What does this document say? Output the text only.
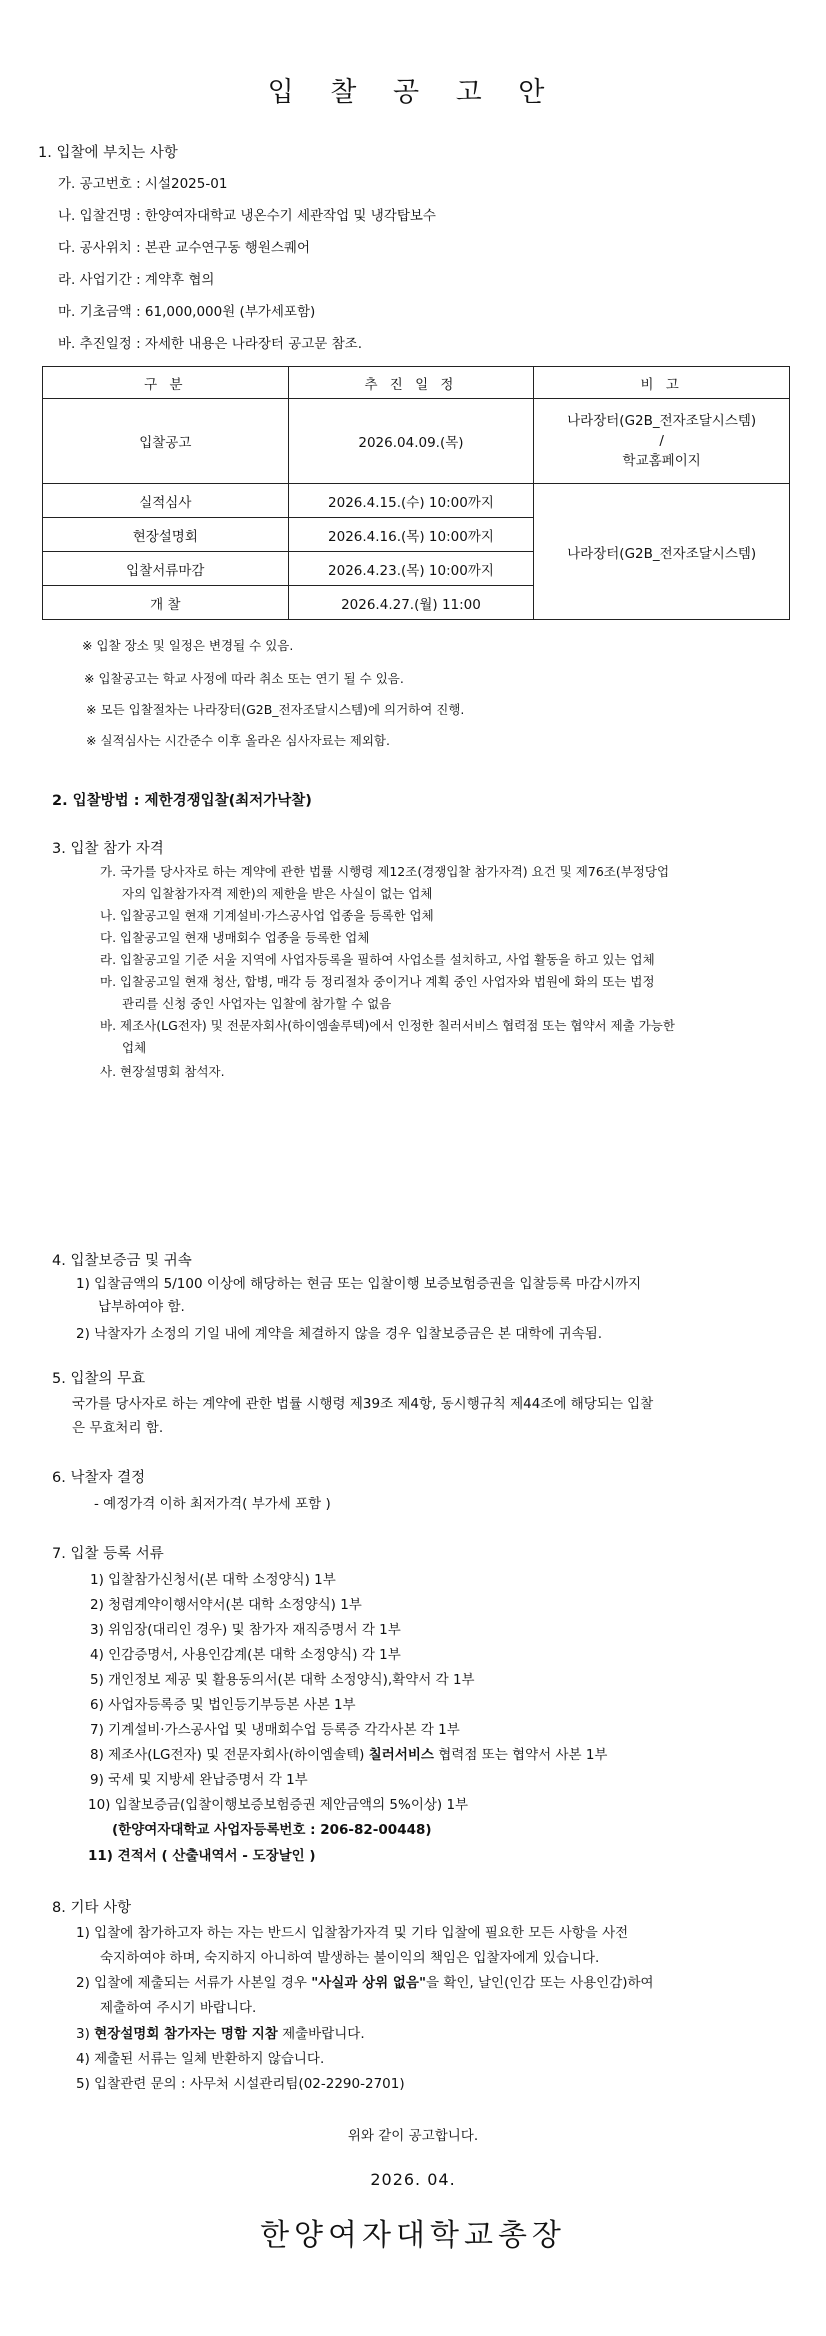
입 찰 공 고 안
1. 입찰에 부치는 사항
가. 공고번호 : 시설2025-01
나. 입찰건명 : 한양여자대학교 냉온수기 세관작업 및 냉각탑보수
다. 공사위치 : 본관 교수연구동 행원스퀘어
라. 사업기간 : 계약후 협의
마. 기초금액 : 61,000,000원 (부가세포함)
바. 추진일정 : 자세한 내용은 나라장터 공고문 참조.
구 분	추 진 일 정	비 고
입찰공고	2026.04.09.(목)	나라장터(G2B_전자조달시스템)
/
학교홈페이지

실적심사	2026.4.15.(수) 10:00까지	나라장터(G2B_전자조달시스템)
현장설명회	2026.4.16.(목) 10:00까지	
입찰서류마감	2026.4.23.(목) 10:00까지	
개 찰	2026.4.27.(월) 11:00	
※ 입찰 장소 및 일정은 변경될 수 있음.
※ 입찰공고는 학교 사정에 따라 취소 또는 연기 될 수 있음.
※ 모든 입찰절차는 나라장터(G2B_전자조달시스템)에 의거하여 진행.
※ 실적심사는 시간준수 이후 올라온 심사자료는 제외함.
2. 입찰방법 : 제한경쟁입찰(최저가낙찰)
3. 입찰 참가 자격
가. 국가를 당사자로 하는 계약에 관한 법률 시행령 제12조(경쟁입찰 참가자격) 요건 및 제76조(부정당업
자의 입찰참가자격 제한)의 제한을 받은 사실이 없는 업체
나. 입찰공고일 현재 기계설비·가스공사업 업종을 등록한 업체
다. 입찰공고일 현재 냉매회수 업종을 등록한 업체
라. 입찰공고일 기준 서울 지역에 사업자등록을 필하여 사업소를 설치하고, 사업 활동을 하고 있는 업체
마. 입찰공고일 현재 청산, 합병, 매각 등 정리절차 중이거나 계획 중인 사업자와 법원에 화의 또는 법정
관리를 신청 중인 사업자는 입찰에 참가할 수 없음
바. 제조사(LG전자) 및 전문자회사(하이엠솔루텍)에서 인정한 칠러서비스 협력점 또는 협약서 제출 가능한
업체
사. 현장설명회 참석자.
4. 입찰보증금 및 귀속
1) 입찰금액의 5/100 이상에 해당하는 현금 또는 입찰이행 보증보험증권을 입찰등록 마감시까지
납부하여야 함.
2) 낙찰자가 소정의 기일 내에 계약을 체결하지 않을 경우 입찰보증금은 본 대학에 귀속됨.
5. 입찰의 무효
국가를 당사자로 하는 계약에 관한 법률 시행령 제39조 제4항, 동시행규칙 제44조에 해당되는 입찰
은 무효처리 함.
6. 낙찰자 결정
- 예정가격 이하 최저가격( 부가세 포함 )
7. 입찰 등록 서류
1) 입찰참가신청서(본 대학 소정양식) 1부
2) 청렴계약이행서약서(본 대학 소정양식) 1부
3) 위임장(대리인 경우) 및 참가자 재직증명서 각 1부
4) 인감증명서, 사용인감계(본 대학 소정양식) 각 1부
5) 개인정보 제공 및 활용동의서(본 대학 소정양식),확약서 각 1부
6) 사업자등록증 및 법인등기부등본 사본 1부
7) 기계설비·가스공사업 및 냉매회수업 등록증 각각사본 각 1부
8) 제조사(LG전자) 및 전문자회사(하이엠솔텍) 칠러서비스 협력점 또는 협약서 사본 1부
9) 국세 및 지방세 완납증명서 각 1부
10) 입찰보증금(입찰이행보증보험증권 제안금액의 5%이상) 1부
(한양여자대학교 사업자등록번호 : 206-82-00448)
11) 견적서 ( 산출내역서 - 도장날인 )
8. 기타 사항
1) 입찰에 참가하고자 하는 자는 반드시 입찰참가자격 및 기타 입찰에 필요한 모든 사항을 사전
숙지하여야 하며, 숙지하지 아니하여 발생하는 불이익의 책임은 입찰자에게 있습니다.
2) 입찰에 제출되는 서류가 사본일 경우 "사실과 상위 없음"을 확인, 날인(인감 또는 사용인감)하여
제출하여 주시기 바랍니다.
3) 현장설명회 참가자는 명함 지참 제출바랍니다.
4) 제출된 서류는 일체 반환하지 않습니다.
5) 입찰관련 문의 : 사무처 시설관리팀(02-2290-2701)
위와 같이 공고합니다.
2026. 04.
한양여자대학교총장
